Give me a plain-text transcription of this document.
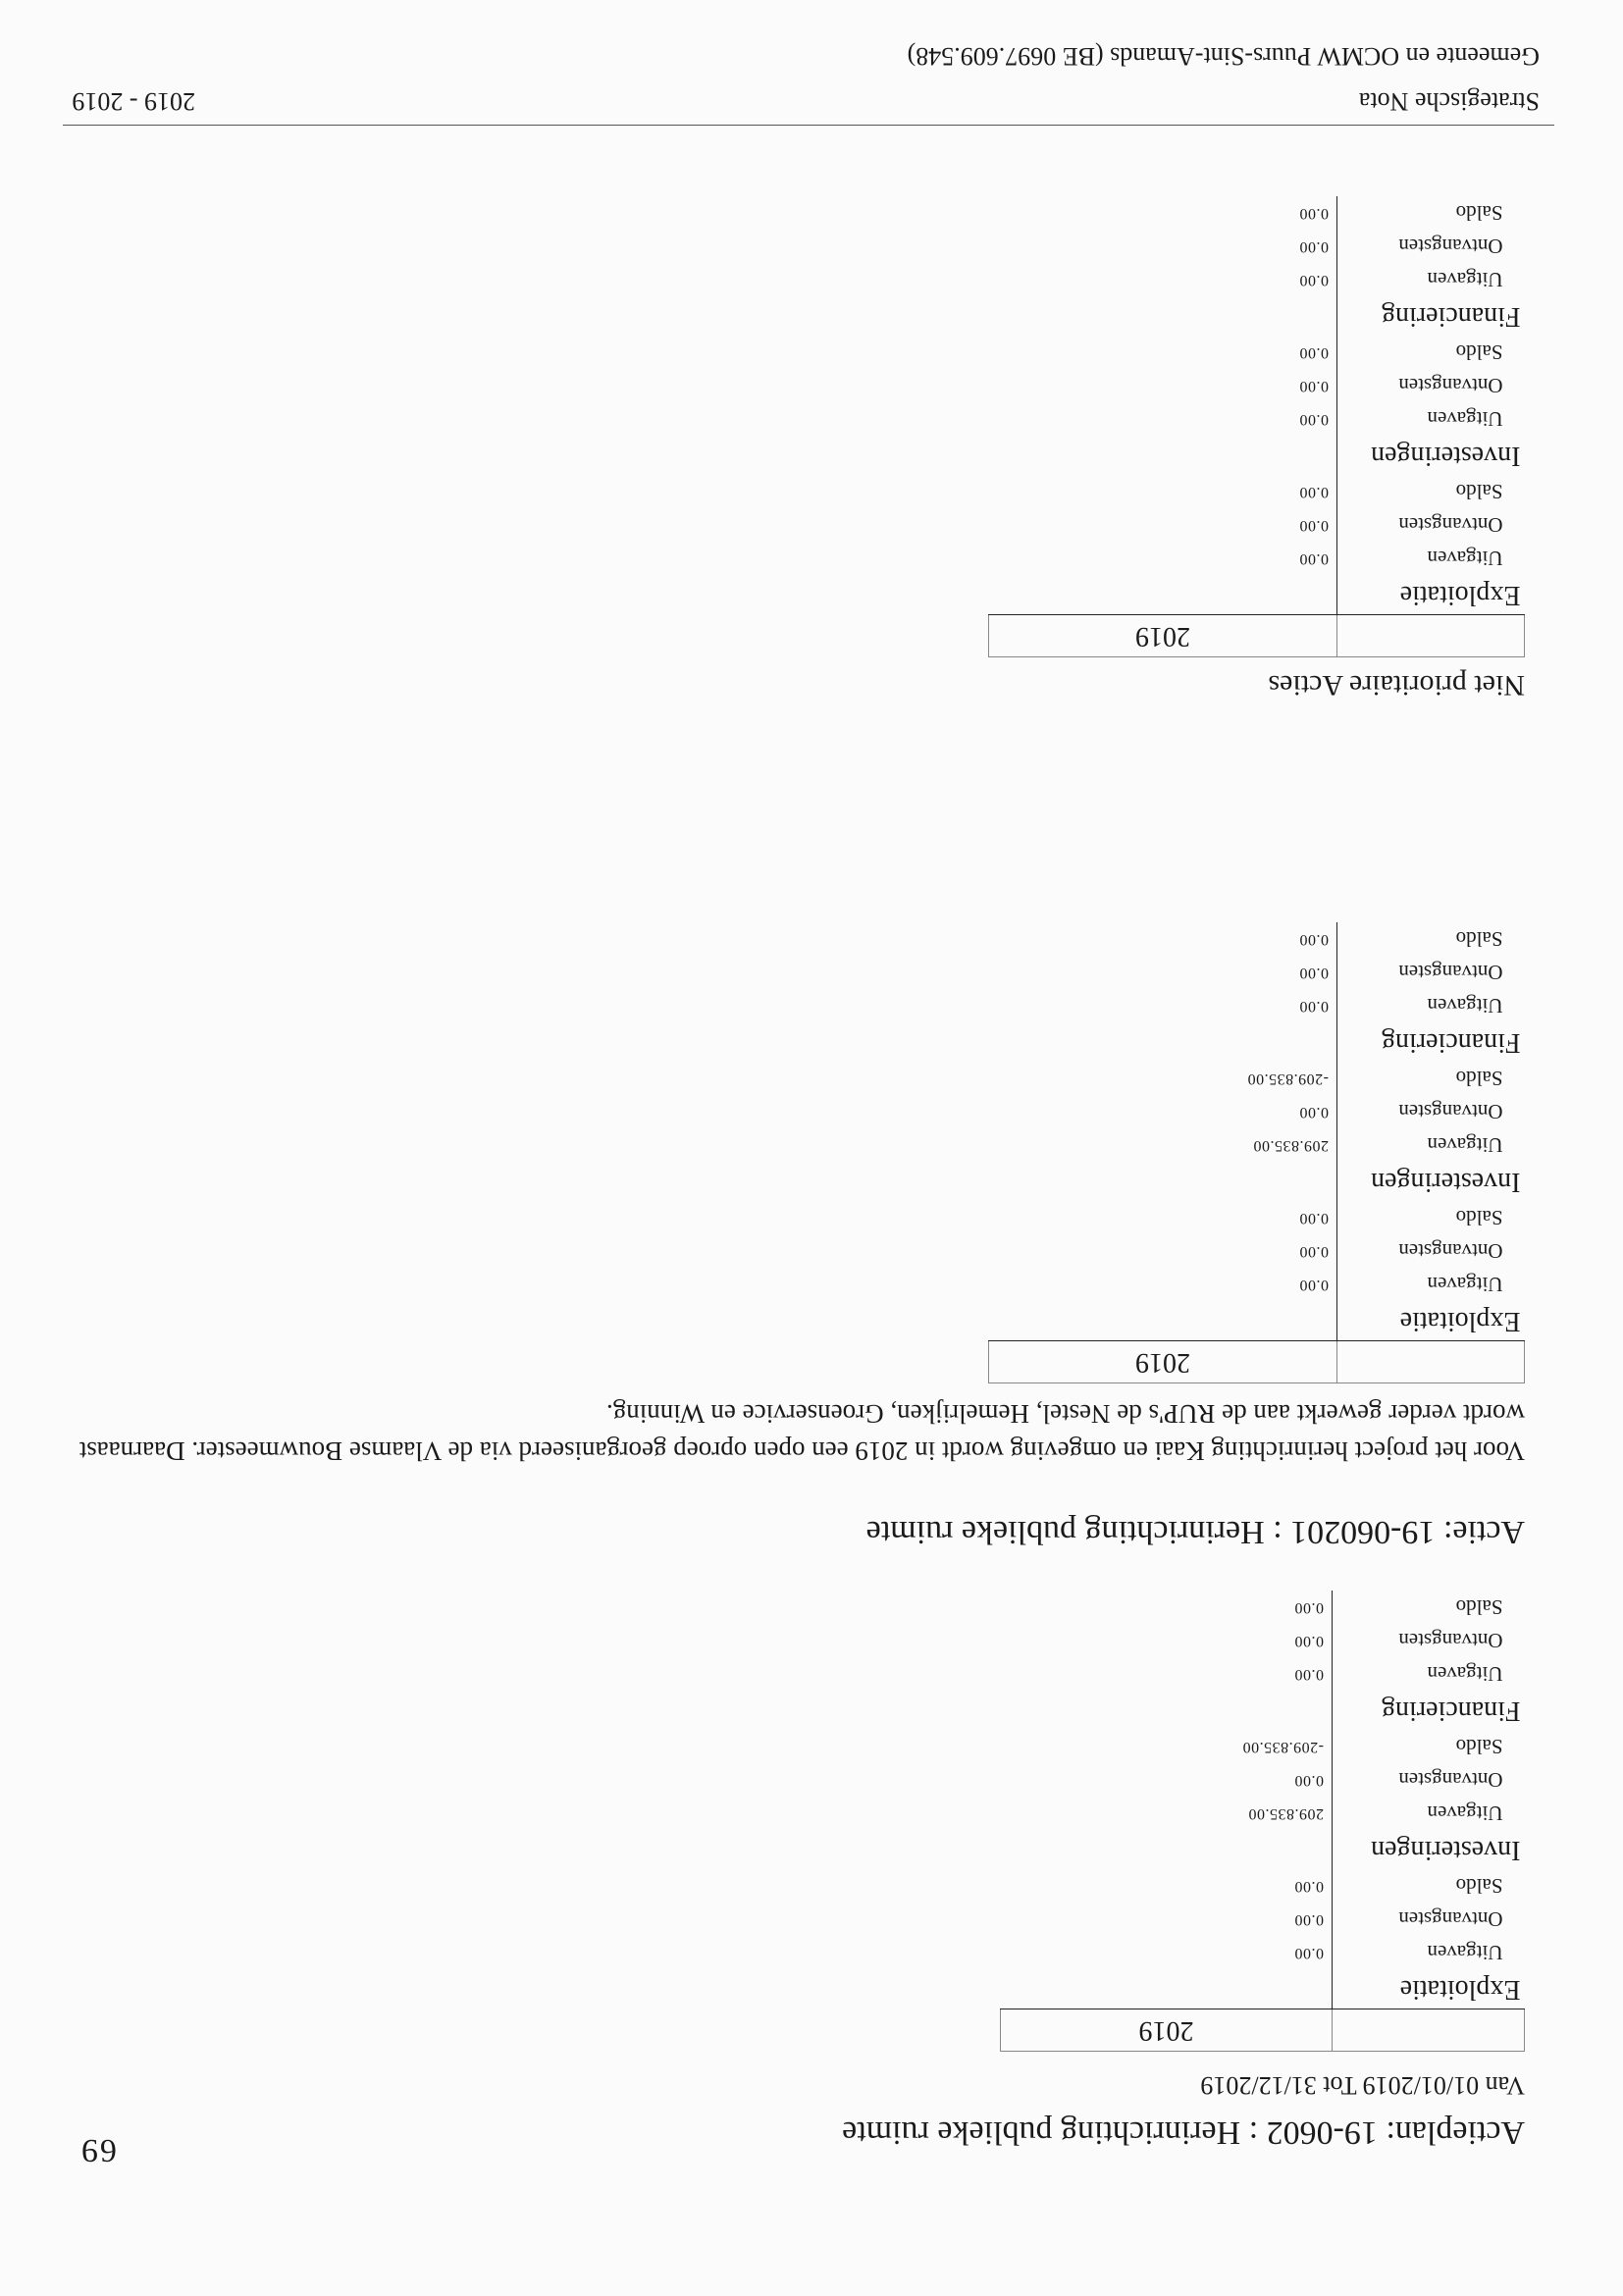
Strategische Nota
Gemeente en OCMW Puurs-Sint-Amands (BE 0697.609.548)
2019 - 2019
Niet prioritaire Acties
	2019
Exploitatie	
Uitgaven	0.00
Ontvangsten	0.00
Saldo	0.00
Investeringen	
Uitgaven	0.00
Ontvangsten	0.00
Saldo	0.00
Financiering	
Uitgaven	0.00
Ontvangsten	0.00
Saldo	0.00
	2019
Exploitatie	
Uitgaven	0.00
Ontvangsten	0.00
Saldo	0.00
Investeringen	
Uitgaven	209.835.00
Ontvangsten	0.00
Saldo	-209.835.00
Financiering	
Uitgaven	0.00
Ontvangsten	0.00
Saldo	0.00
Voor het project herinrichting Kaai en omgeving wordt in 2019 een open oproep georganiseerd via de Vlaamse Bouwmeester. Daarnaast wordt verder gewerkt aan de RUP's de Nestel, Hemelrijken, Groenservice en Winning.
Actie: 19-060201 : Herinrichting publieke ruimte
	2019
Exploitatie	
Uitgaven	0.00
Ontvangsten	0.00
Saldo	0.00
Investeringen	
Uitgaven	209.835.00
Ontvangsten	0.00
Saldo	-209.835.00
Financiering	
Uitgaven	0.00
Ontvangsten	0.00
Saldo	0.00
Van 01/01/2019 Tot 31/12/2019
Actieplan: 19-0602 : Herinrichting publieke ruimte
69
